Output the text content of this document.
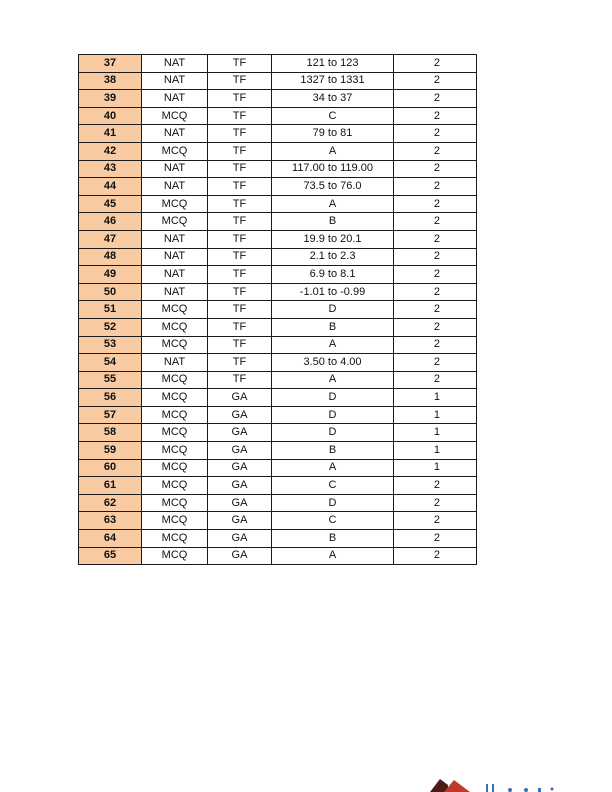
37	NAT	TF	121 to 123	2
38	NAT	TF	1327 to 1331	2
39	NAT	TF	34 to 37	2
40	MCQ	TF	C	2
41	NAT	TF	79 to 81	2
42	MCQ	TF	A	2
43	NAT	TF	117.00 to 119.00	2
44	NAT	TF	73.5 to 76.0	2
45	MCQ	TF	A	2
46	MCQ	TF	B	2
47	NAT	TF	19.9 to 20.1	2
48	NAT	TF	2.1 to 2.3	2
49	NAT	TF	6.9 to 8.1	2
50	NAT	TF	-1.01 to -0.99	2
51	MCQ	TF	D	2
52	MCQ	TF	B	2
53	MCQ	TF	A	2
54	NAT	TF	3.50 to 4.00	2
55	MCQ	TF	A	2
56	MCQ	GA	D	1
57	MCQ	GA	D	1
58	MCQ	GA	D	1
59	MCQ	GA	B	1
60	MCQ	GA	A	1
61	MCQ	GA	C	2
62	MCQ	GA	D	2
63	MCQ	GA	C	2
64	MCQ	GA	B	2
65	MCQ	GA	A	2
